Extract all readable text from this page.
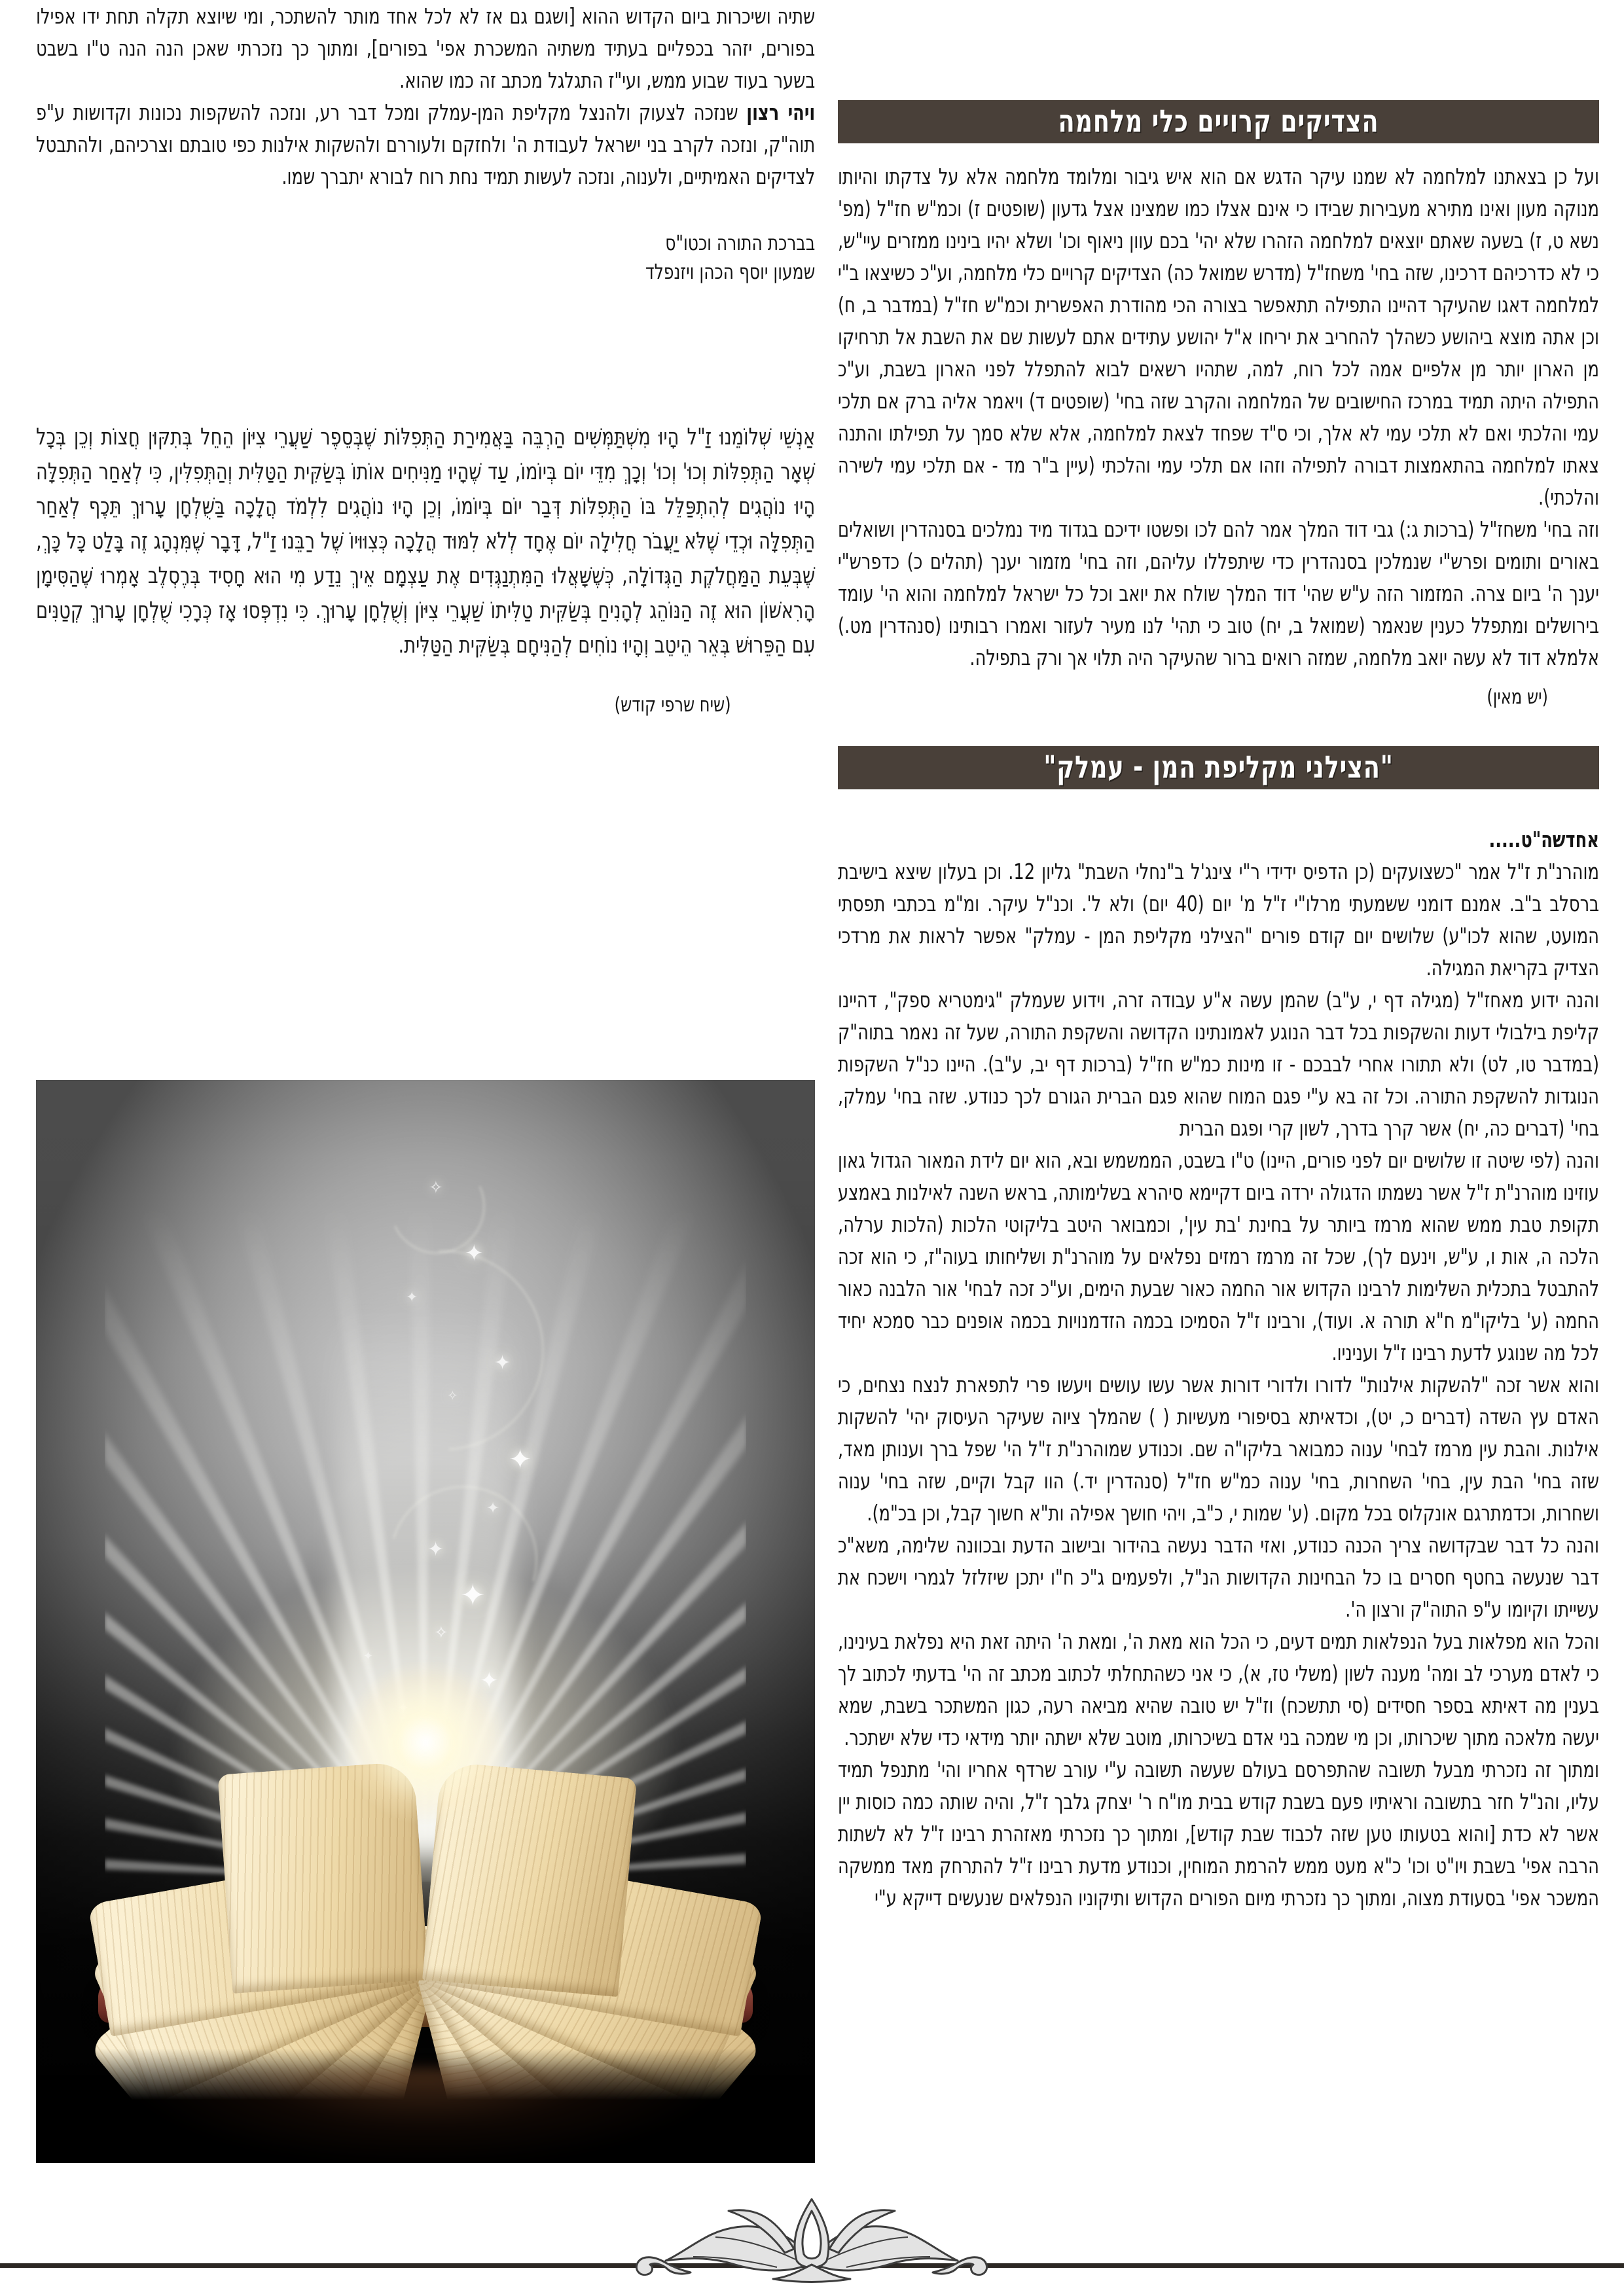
הצדיקים קרויים כלי מלחמה

ועל כן בצאתנו למלחמה לא שמנו עיקר הדגש אם הוא איש גיבור ומלומד מלחמה אלא על צדקתו והיותו מנוקה מעון ואינו מתירא מעבירות שבידו כי אינם אצלו כמו שמצינו אצל גדעון (שופטים ז) וכמ"ש חז"ל (מפ' נשא ט, ז) בשעה שאתם יוצאים למלחמה הזהרו שלא יהי' בכם עוון ניאוף וכו' ושלא יהיו בינינו ממזרים עיי"ש, כי לא כדרכיהם דרכינו, שזה בחי' משחז"ל (מדרש שמואל כה) הצדיקים קרויים כלי מלחמה, וע"כ כשיצאו ב"י למלחמה דאגו שהעיקר דהיינו התפילה תתאפשר בצורה הכי מהודרת האפשרית וכמ"ש חז"ל (במדבר ב, ח) וכן אתה מוצא ביהושע כשהלך להחריב את יריחו א"ל יהושע עתידים אתם לעשות שם את השבת אל תרחיקו מן הארון יותר מן אלפיים אמה לכל רוח, למה, שתהיו רשאים לבוא להתפלל לפני הארון בשבת, וע"כ התפילה היתה תמיד במרכז החישובים של המלחמה והקרב שזה בחי' (שופטים ד) ויאמר אליה ברק אם תלכי עמי והלכתי ואם לא תלכי עמי לא אלך, וכי ס"ד שפחד לצאת למלחמה, אלא שלא סמך על תפילתו והתנה צאתו למלחמה בהתאמצות דבורה לתפילה וזהו אם תלכי עמי והלכתי (עיין ב"ר מד - אם תלכי עמי לשירה והלכתי).

וזה בחי' משחז"ל (ברכות ג:) גבי דוד המלך אמר להם לכו ופשטו ידיכם בגדוד מיד נמלכים בסנהדרין ושואלים באורים ותומים ופרש"י שנמלכין בסנהדרין כדי שיתפללו עליהם, וזה בחי' מזמור יענך (תהלים כ) כדפרש"י יענך ה' ביום צרה. המזמור הזה ע"ש שהי' דוד המלך שולח את יואב וכל כל ישראל למלחמה והוא הי' עומד בירושלים ומתפלל כענין שנאמר (שמואל ב, יח) טוב כי תהי' לנו מעיר לעזור ואמרו רבותינו (סנהדרין מט.) אלמלא דוד לא עשה יואב מלחמה, שמזה רואים ברור שהעיקר היה תלוי אך ורק בתפילה.

(יש מאין)
"הצילני מקליפת המן - עמלק"

אחדשה"ט.....

מוהרנ"ת ז"ל אמר "כשצועקים (כן הדפיס ידידי ר"י צינג'ל ב"נחלי השבת" גליון 12. וכן בעלון שיצא בישיבת ברסלב ב"ב. אמנם דומני ששמעתי מרלו"י ז"ל מ' יום (40 יום) ולא ל'. וכנ"ל עיקר. ומ"מ בכתבי תפסתי המועט, שהוא לכו"ע) שלושים יום קודם פורים "הצילני מקליפת המן - עמלק" אפשר לראות את מרדכי הצדיק בקריאת המגילה.

והנה ידוע מאחז"ל (מגילה דף י, ע"ב) שהמן עשה א"ע עבודה זרה, וידוע שעמלק "גימטריא ספק", דהיינו קליפת בילבולי דעות והשקפות בכל דבר הנוגע לאמונתינו הקדושה והשקפת התורה, שעל זה נאמר בתוה"ק (במדבר טו, לט) ולא תתורו אחרי לבבכם - זו מינות כמ"ש חז"ל (ברכות דף יב, ע"ב). היינו כנ"ל השקפות הנוגדות להשקפת התורה. וכל זה בא ע"י פגם המוח שהוא פגם הברית הגורם לכך כנודע. שזה בחי' עמלק, בחי' (דברים כה, יח) אשר קרך בדרך, לשון קרי ופגם הברית

והנה (לפי שיטה זו שלושים יום לפני פורים, היינו) ט"ו בשבט, הממשמש ובא, הוא יום לידת המאור הגדול גאון עוזינו מוהרנ"ת ז"ל אשר נשמתו הדגולה ירדה ביום דקיימא סיהרא בשלימותה, בראש השנה לאילנות באמצע תקופת טבת ממש שהוא מרמז ביותר על בחינת 'בת עין', וכמבואר היטב בליקוטי הלכות (הלכות ערלה, הלכה ה, אות ו, ע"ש, וינעם לך), שכל זה מרמז רמזים נפלאים על מוהרנ"ת ושליחותו בעוה"ז, כי הוא זכה להתבטל בתכלית השלימות לרבינו הקדוש אור החמה כאור שבעת הימים, וע"כ זכה לבחי' אור הלבנה כאור החמה (ע' בליקו"מ ח"א תורה א. ועוד), ורבינו ז"ל הסמיכו בכמה הזדמנויות בכמה אופנים כבר סמכא יחיד לכל מה שנוגע לדעת רבינו ז"ל ועניניו.

והוא אשר זכה "להשקות אילנות" לדורו ולדורי דורות אשר עשו עושים ויעשו פרי לתפארת לנצח נצחים, כי האדם עץ השדה (דברים כ, יט), וכדאיתא בסיפורי מעשיות ( ) שהמלך ציוה שעיקר העיסוק יהי' להשקות אילנות. והבת עין מרמז לבחי' ענוה כמבואר בליקו"ה שם. וכנודע שמוהרנ"ת ז"ל הי' שפל ברך וענותן מאד, שזה בחי' הבת עין, בחי' השחרות, בחי' ענוה כמ"ש חז"ל (סנהדרין יד.) הוו קבל וקיים, שזה בחי' ענוה ושחרות, וכדמתרגם אונקלוס בכל מקום. (ע' שמות י, כ"ב, ויהי חושך אפילה ות"א חשוך קבל, וכן בכ"מ).

והנה כל דבר שבקדושה צריך הכנה כנודע, ואזי הדבר נעשה בהידור ובישוב הדעת ובכוונה שלימה, משא"כ דבר שנעשה בחטף חסרים בו כל הבחינות הקדושות הנ"ל, ולפעמים ג"כ ח"ו יתכן שיזלזל לגמרי וישכח את עשייתו וקיומו ע"פ התוה"ק ורצון ה'.

והכל הוא מפלאות בעל הנפלאות תמים דעים, כי הכל הוא מאת ה', ומאת ה' היתה זאת היא נפלאת בעינינו, כי לאדם מערכי לב ומה' מענה לשון (משלי טז, א), כי אני כשהתחלתי לכתוב מכתב זה הי' בדעתי לכתוב לך בענין מה דאיתא בספר חסידים (סי תתשכח) וז"ל יש טובה שהיא מביאה רעה, כגון המשתכר בשבת, שמא יעשה מלאכה מתוך שיכרותו, וכן מי שמכה בני אדם בשיכרותו, מוטב שלא ישתה יותר מידאי כדי שלא ישתכר.

ומתוך זה נזכרתי מבעל תשובה שהתפרסם בעולם שעשה תשובה ע"י עורב שרדף אחריו והי' מתנפל תמיד עליו, והנ"ל חזר בתשובה וראיתיו פעם בשבת קודש בבית מו"ח ר' יצחק גלבך ז"ל, והיה שותה כמה כוסות יין אשר לא כדת [והוא בטעותו טען שזה לכבוד שבת קודש], ומתוך כך נזכרתי מאזהרת רבינו ז"ל לא לשתות הרבה אפי' בשבת ויו"ט וכו' כ"א מעט ממש להרמת המוחין, וכנודע מדעת רבינו ז"ל להתרחק מאד ממשקה המשכר אפי' בסעודת מצוה, ומתוך כך נזכרתי מיום הפורים הקדוש ותיקוניו הנפלאים שנעשים דייקא ע"י

שתיה ושיכרות ביום הקדוש ההוא [ושגם גם אז לא לכל אחד מותר להשתכר, ומי שיוצא תקלה תחת ידו אפילו בפורים, יזהר בכפליים בעתיד משתיה המשכרת אפי' בפורים], ומתוך כך נזכרתי שאכן הנה הנה ט"ו בשבט בשער בעוד שבוע ממש, ועי"ז התגלגל מכתב זה כמו שהוא.

ויהי רצון שנזכה לצעוק ולהנצל מקליפת המן-עמלק ומכל דבר רע, ונזכה להשקפות נכונות וקדושות ע"פ תוה"ק, ונזכה לקרב בני ישראל לעבודת ה' ולחזקם ולעוררם ולהשקות אילנות כפי טובתם וצרכיהם, ולהתבטל לצדיקים האמיתיים, ולענוה, ונזכה לעשות תמיד נחת רוח לבורא יתברך שמו.

בברכת התורה וכטו"ס
שמעון יוסף הכהן ויזנפלד

אַנְשֵׁי שְׁלוֹמֵנוּ זַ"ל הָיוּ מִשְׁתַּמְּשִׁים הַרְבֵּה בַּאֲמִירַת הַתְּפִלּוֹת שֶׁבְּסֵפֶר שַׁעֲרֵי צִיּוֹן הֵחֵל בְּתִקּוּן חֲצוֹת וְכֵן בְּכָל שְׁאָר הַתְּפִלּוֹת וְכוּ' וְכוּ' וְכָךְ מִדֵּי יוֹם בְּיוֹמוֹ, עַד שֶׁהָיוּ מַנִּיחִים אוֹתוֹ בְּשַׂקִּית הַטַּלִּית וְהַתְּפִלִּין, כִּי לְאַחַר הַתְּפִלָּה הָיוּ נוֹהֲגִים לְהִתְפַּלֵּל בּוֹ הַתְּפִלּוֹת דְּבַר יוֹם בְּיוֹמוֹ, וְכֵן הָיוּ נוֹהֲגִים לִלְמֹד הֲלָכָה בַּשֻּׁלְחָן עָרוּךְ תֵּכֶף לְאַחַר הַתְּפִלָּה וּכְדֵי שֶׁלֹּא יַעֲבֹר חֲלִילָה יוֹם אֶחָד לְלֹא לִמּוּד הֲלָכָה כְּצִוּוּיוֹ שֶׁל רַבֵּנוּ זַ"ל, דָּבָר שֶׁמִּנְהָג זֶה בָּלַט כָּל כָּךְ, שֶׁבְּעֵת הַמַּחֲלֹקֶת הַגְּדוֹלָה, כְּשֶׁשָּׁאֲלוּ הַמִּתְנַגְּדִים אֶת עַצְמָם אֵיךְ נֵדַע מִי הוּא חָסִיד בְּרֶסְלֶב אָמְרוּ שֶׁהַסִּימָן הָרִאשׁוֹן הוּא זֶה הַנּוֹהֵג לְהָנִיחַ בְּשַׂקִּית טַלִּיתוֹ שַׁעֲרֵי צִיּוֹן וְשֻׁלְחָן עָרוּךְ. כִּי נִדְפְּסוּ אָז כְּרָכִי שֻׁלְחָן עָרוּךְ קְטַנִּים עִם הַפֵּרוּשׁ בְּאֵר הֵיטֵב וְהָיוּ נוֹחִים לְהַנִּיחָם בְּשַׂקִּית הַטַּלִּית.

(שיח שרפי קודש)
✧
✦
✦
✦
✧
✦
✦
✦
✦
✧
✦
✦
✦
